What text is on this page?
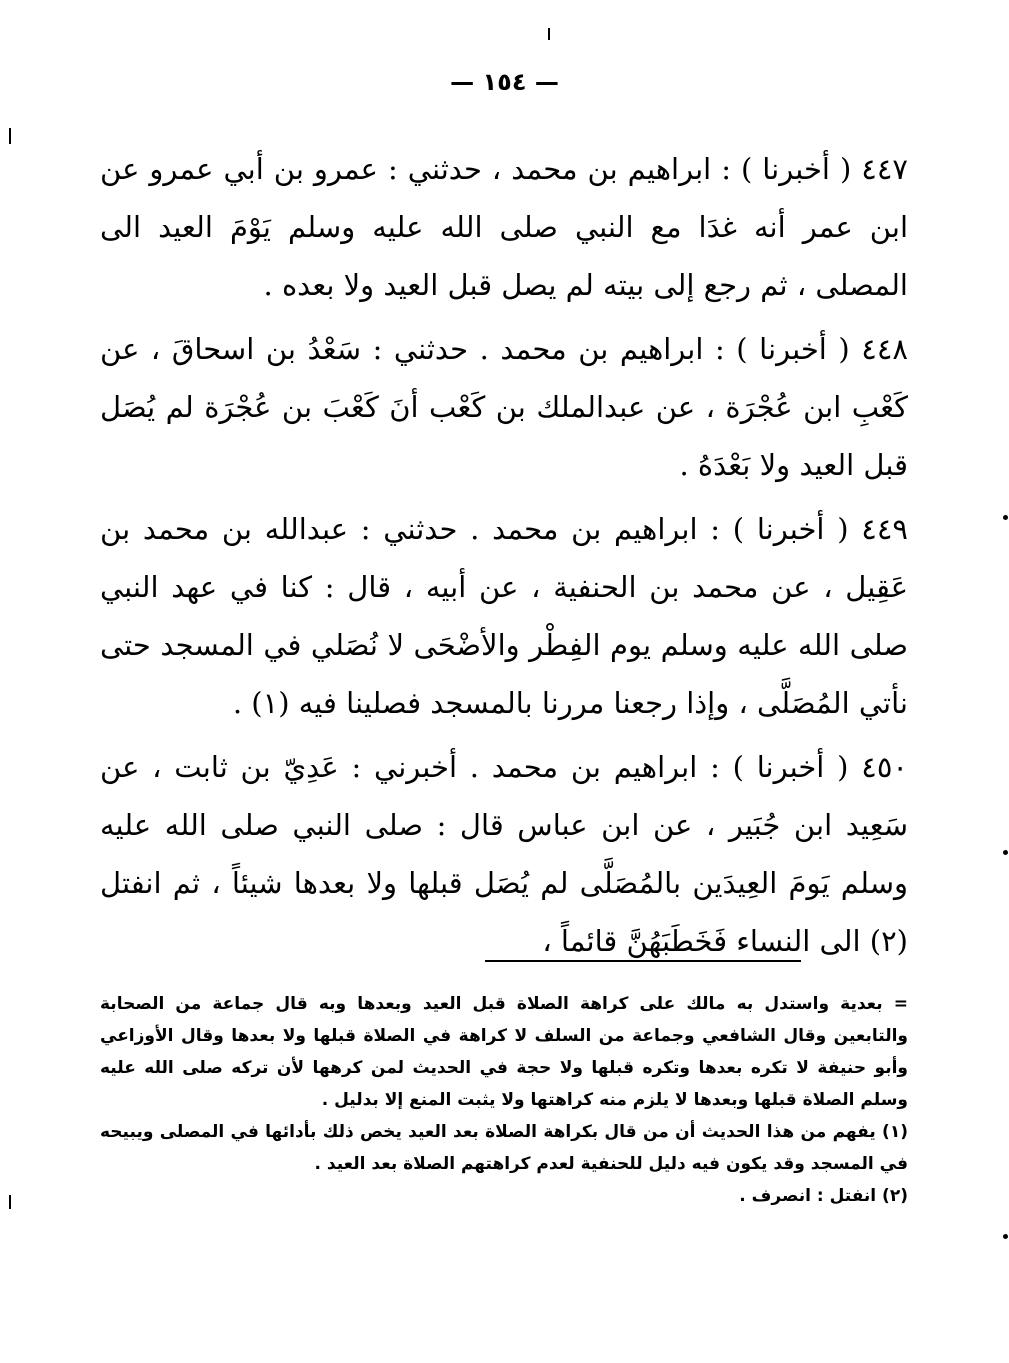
— ١٥٤ —

٤٤٧ ( أخبرنا ) : ابراهيم بن محمد ، حدثني : عمرو بن أبي عمرو عن ابن عمر أنه غدَا مع النبي صلى الله عليه وسلم يَوْمَ العيد الى المصلى ، ثم رجع إلى بيته لم يصل قبل العيد ولا بعده .

٤٤٨ ( أخبرنا ) : ابراهيم بن محمد . حدثني : سَعْدُ بن اسحاقَ ، عن كَعْبِ ابن عُجْرَة ، عن عبدالملك بن كَعْب أنَ كَعْبَ بن عُجْرَة لم يُصَل قبل العيد ولا بَعْدَهُ .

٤٤٩ ( أخبرنا ) : ابراهيم بن محمد . حدثني : عبدالله بن محمد بن عَقِيل ، عن محمد بن الحنفية ، عن أبيه ، قال : كنا في عهد النبي صلى الله عليه وسلم يوم الفِطْر والأضْحَى لا نُصَلي في المسجد حتى نأتي المُصَلَّى ، وإذا رجعنا مررنا بالمسجد فصلينا فيه (١) .

٤٥٠ ( أخبرنا ) : ابراهيم بن محمد . أخبرني : عَدِيّ بن ثابت ، عن سَعِيد ابن جُبَير ، عن ابن عباس قال : صلى النبي صلى الله عليه وسلم يَومَ العِيدَين بالمُصَلَّى لم يُصَل قبلها ولا بعدها شيئاً ، ثم انفتل (٢) الى النساء فَخَطَبَهُنَّ قائماً ،

= بعدية واستدل به مالك على كراهة الصلاة قبل العيد وبعدها وبه قال جماعة من الصحابة والتابعين وقال الشافعي وجماعة من السلف لا كراهة في الصلاة قبلها ولا بعدها وقال الأوزاعي وأبو حنيفة لا تكره بعدها وتكره قبلها ولا حجة في الحديث لمن كرهها لأن تركه صلى الله عليه وسلم الصلاة قبلها وبعدها لا يلزم منه كراهتها ولا يثبت المنع إلا بدليل .

(١) يفهم من هذا الحديث أن من قال بكراهة الصلاة بعد العيد يخص ذلك بأدائها في المصلى ويبيحه في المسجد وقد يكون فيه دليل للحنفية لعدم كراهتهم الصلاة بعد العيد .

(٢) انفتل : انصرف .
